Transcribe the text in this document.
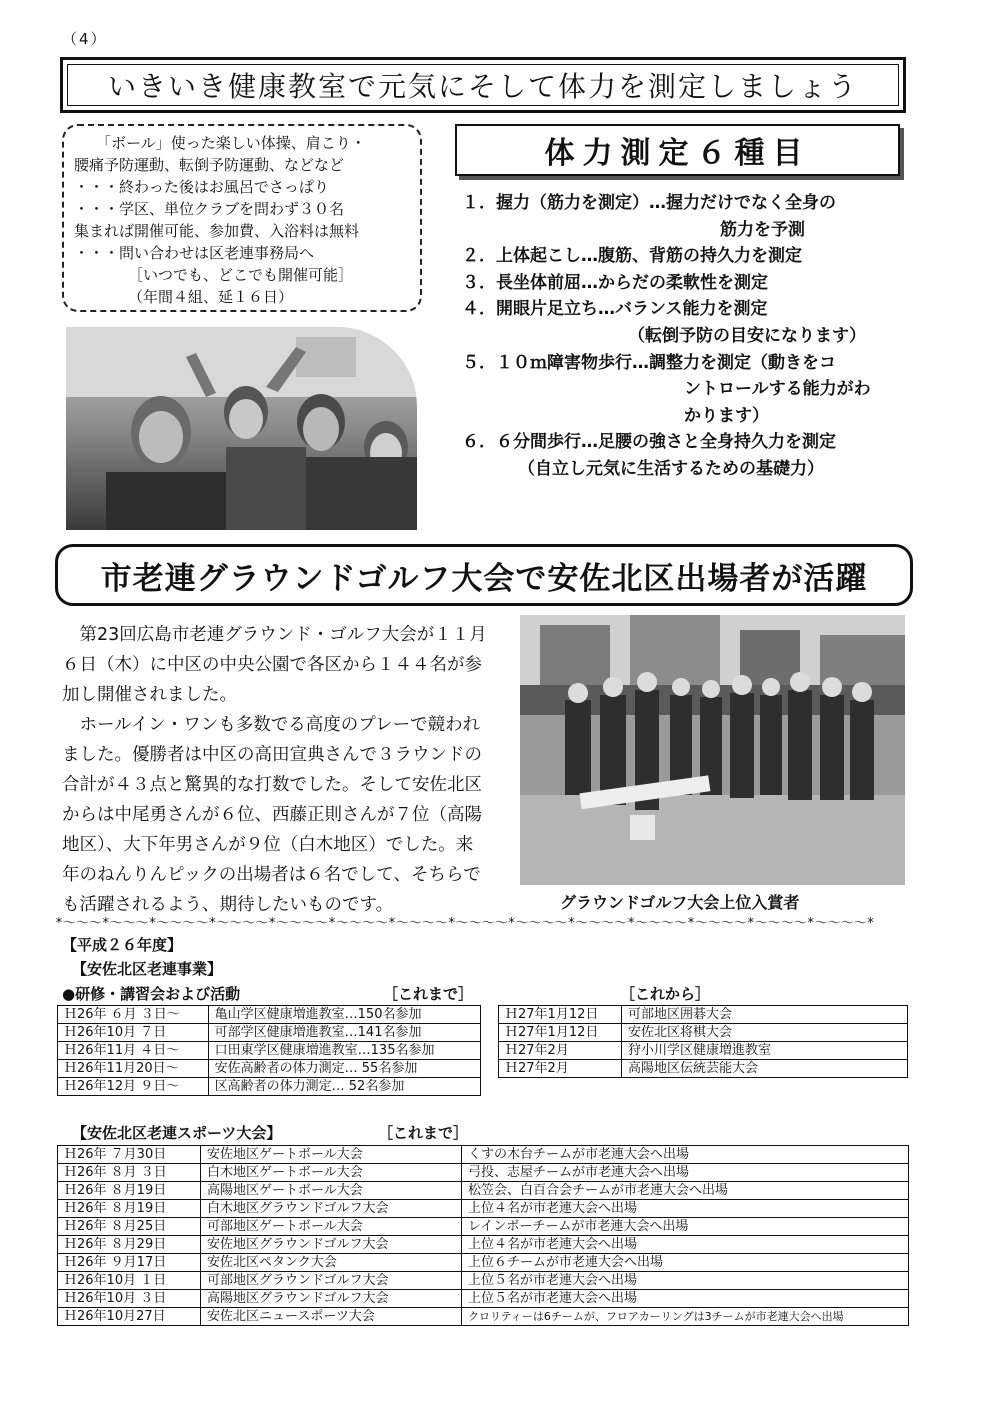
（4）
いきいき健康教室で元気にそして体力を測定しましょう
「ボール」使った楽しい体操、肩こり・
腰痛予防運動、転倒予防運動、などなど
・・・終わった後はお風呂でさっぱり
・・・学区、単位クラブを問わず３０名
集まれば開催可能、参加費、入浴料は無料
・・・問い合わせは区老連事務局へ
［いつでも、どこでも開催可能］
（年間４組、延１６日）
体力測定６種目
１．握力（筋力を測定）…握力だけでなく全身の
筋力を予測
２．上体起こし…腹筋、背筋の持久力を測定
３．長坐体前屈…からだの柔軟性を測定
４．開眼片足立ち…バランス能力を測定
（転倒予防の目安になります）
５．１０ｍ障害物歩行…調整力を測定（動きをコ
ントロールする能力がわ
かります）
６．６分間歩行…足腰の強さと全身持久力を測定
（自立し元気に生活するための基礎力）
市老連グラウンドゴルフ大会で安佐北区出場者が活躍
　第23回広島市老連グラウンド・ゴルフ大会が１１月
６日（木）に中区の中央公園で各区から１４４名が参
加し開催されました。
　ホールイン・ワンも多数でる高度のプレーで競われ
ました。優勝者は中区の高田宣典さんで３ラウンドの
合計が４３点と驚異的な打数でした。そして安佐北区
からは中尾勇さんが６位、西藤正則さんが７位（高陽
地区）、大下年男さんが９位（白木地区）でした。来
年のねんりんピックの出場者は６名でして、そちらで
も活躍されるよう、期待したいものです。	グラウンドゴルフ大会上位入賞者
*～～～*～～～*～～～～*～～～～*～～～～*～～～～*～～～～*～～～～*～～～～*～～～～*～～～～*～～～～*～～～～*～～～～*
【平成２６年度】
【安佐北区老連事業】
●研修・講習会および活動	［これまで］	［これから］
Ｈ26年 ６月 ３日～	亀山学区健康増進教室…150名参加
Ｈ26年10月 ７日	可部学区健康増進教室…141名参加
Ｈ26年11月 ４日～	口田東学区健康増進教室…135名参加
Ｈ26年11月20日～	安佐高齢者の体力測定… 55名参加
Ｈ26年12月 ９日～	区高齢者の体力測定… 52名参加
Ｈ27年1月12日	可部地区囲碁大会
Ｈ27年1月12日	安佐北区将棋大会
Ｈ27年2月	狩小川学区健康増進教室
Ｈ27年2月	高陽地区伝統芸能大会
【安佐北区老連スポーツ大会】	［これまで］
Ｈ26年 ７月30日	安佐地区ゲートボール大会	くすの木台チームが市老連大会へ出場
Ｈ26年 ８月 ３日	白木地区ゲートボール大会	弓投、志屋チームが市老連大会へ出場
Ｈ26年 ８月19日	高陽地区ゲートボール大会	松笠会、白百合会チームが市老連大会へ出場
Ｈ26年 ８月19日	白木地区グラウンドゴルフ大会	上位４名が市老連大会へ出場
Ｈ26年 ８月25日	可部地区ゲートボール大会	レインボーチームが市老連大会へ出場
Ｈ26年 ８月29日	安佐地区グラウンドゴルフ大会	上位４名が市老連大会へ出場
Ｈ26年 ９月17日	安佐北区ペタンク大会	上位６チームが市老連大会へ出場
Ｈ26年10月 １日	可部地区グラウンドゴルフ大会	上位５名が市老連大会へ出場
Ｈ26年10月 ３日	高陽地区グラウンドゴルフ大会	上位５名が市老連大会へ出場
Ｈ26年10月27日	安佐北区ニュースポーツ大会	クロリティーは6チームが、フロアカーリングは3チームが市老連大会へ出場
